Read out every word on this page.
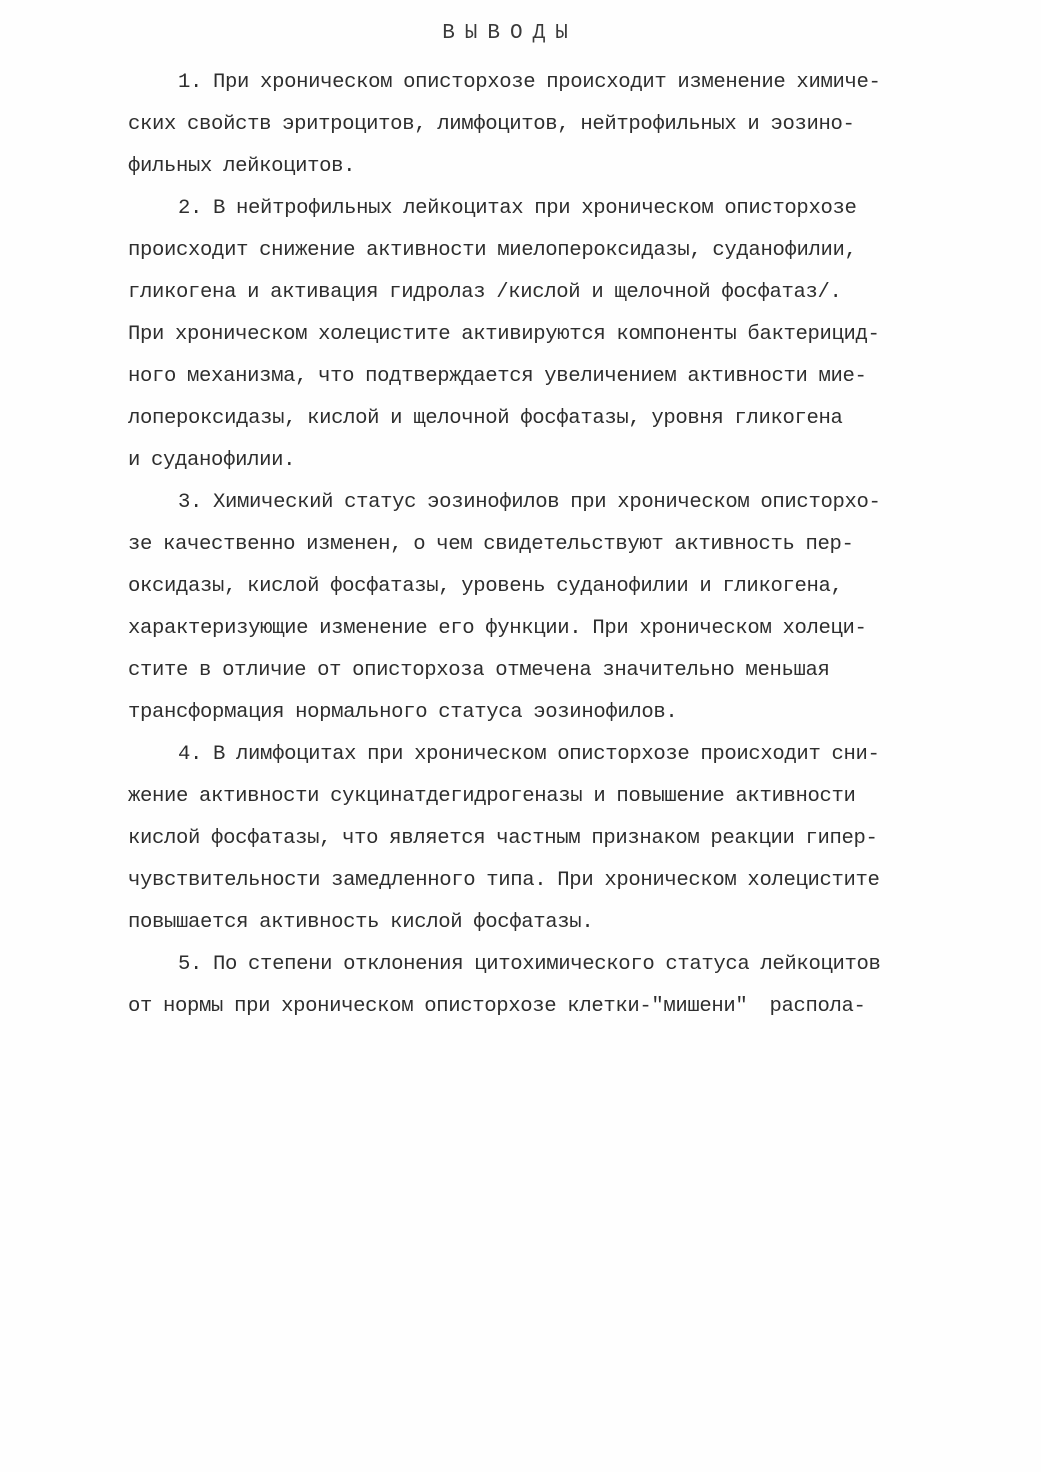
ВЫВОДЫ
1. При хроническом описторхозе происходит изменение химиче-
ских свойств эритроцитов, лимфоцитов, нейтрофильных и эозино-
фильных лейкоцитов.
2. В нейтрофильных лейкоцитах при хроническом описторхозе
происходит снижение активности миелопероксидазы, суданофилии,
гликогена и активация гидролаз /кислой и щелочной фосфатаз/.
При хроническом холецистите активируются компоненты бактерицид-
ного механизма, что подтверждается увеличением активности мие-
лопероксидазы, кислой и щелочной фосфатазы, уровня гликогена
и суданофилии.
3. Химический статус эозинофилов при хроническом описторхо-
зе качественно изменен, о чем свидетельствуют активность пер-
оксидазы, кислой фосфатазы, уровень суданофилии и гликогена,
характеризующие изменение его функции. При хроническом холеци-
стите в отличие от описторхоза отмечена значительно меньшая
трансформация нормального статуса эозинофилов.
4. В лимфоцитах при хроническом описторхозе происходит сни-
жение активности сукцинатдегидрогеназы и повышение активности
кислой фосфатазы, что является частным признаком реакции гипер-
чувствительности замедленного типа. При хроническом холецистите
повышается активность кислой фосфатазы.
5. По степени отклонения цитохимического статуса лейкоцитов
от нормы при хроническом описторхозе клетки-"мишени"  распола-
